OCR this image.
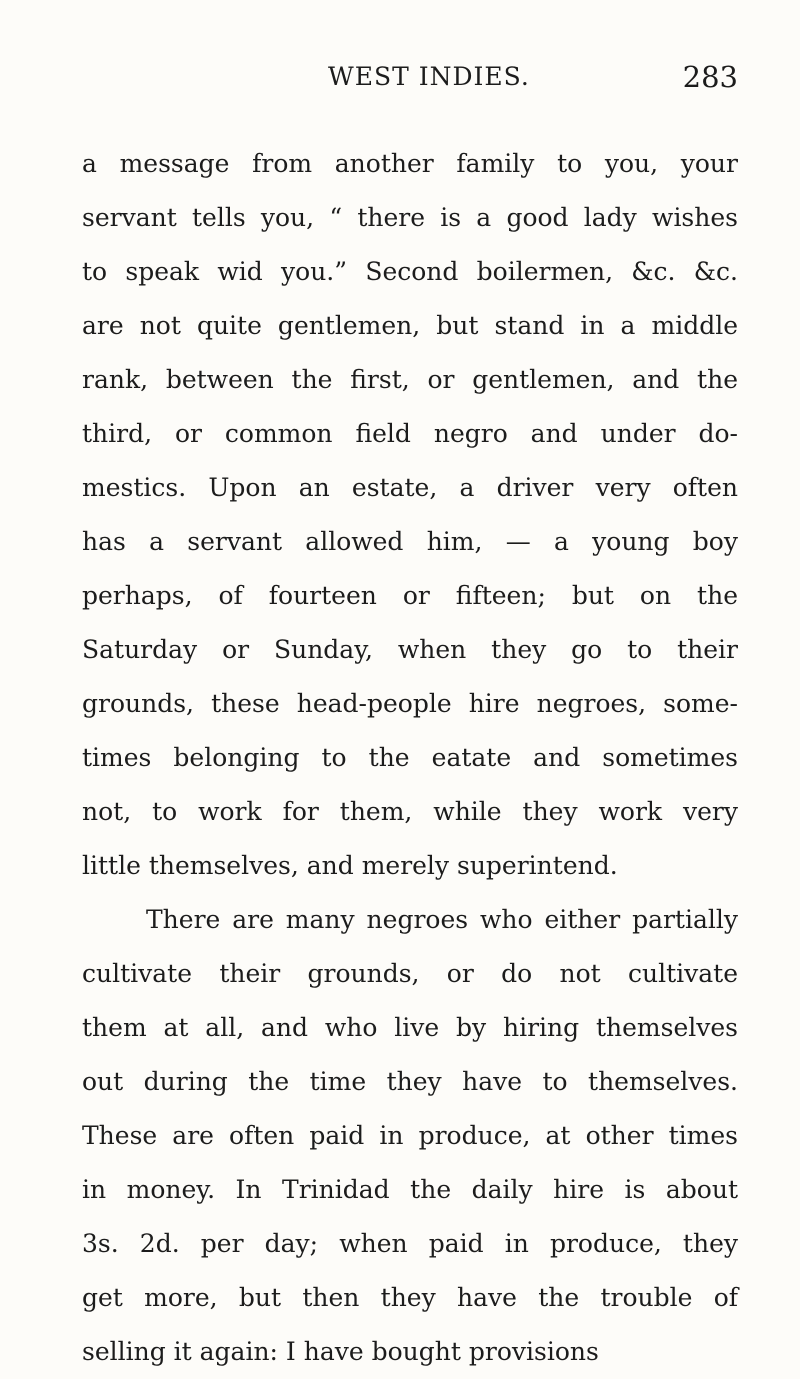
WEST INDIES.	283
a message from another family to you, your
servant tells you, “ there is a good lady wishes
to speak wid you.” Second boilermen, &c. &c.
are not quite gentlemen, but stand in a middle
rank, between the first, or gentlemen, and the
third, or common field negro and under do-
mestics. Upon an estate, a driver very often
has a servant allowed him, — a young boy
perhaps, of fourteen or fifteen; but on the
Saturday or Sunday, when they go to their
grounds, these head-people hire negroes, some-
times belonging to the eatate and sometimes
not, to work for them, while they work very
little themselves, and merely superintend.
There are many negroes who either partially
cultivate their grounds, or do not cultivate
them at all, and who live by hiring themselves
out during the time they have to themselves.
These are often paid in produce, at other times
in money. In Trinidad the daily hire is about
3s. 2d. per day; when paid in produce, they
get more, but then they have the trouble of
selling it again: I have bought provisions
